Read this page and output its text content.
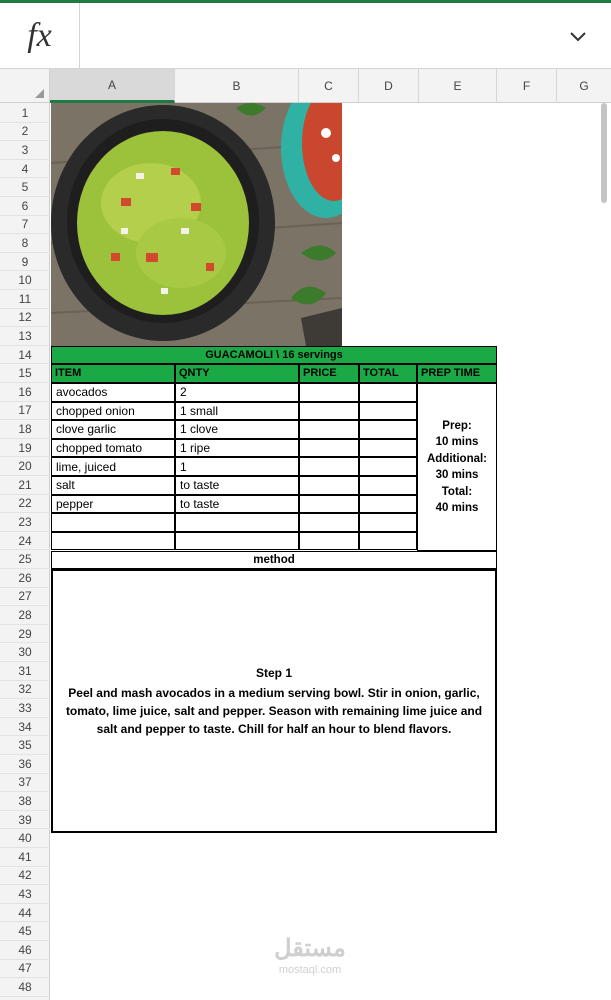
fx
A	B	C	D	E	F	G
1
2
3
4
5
6
7
8
9
10
11
12
13
14
15
16
17
18
19
20
21
22
23
24
25
26
27
28
29
30
31
32
33
34
35
36
37
38
39
40
41
42
43
44
45
46
47
48
GUACAMOLI \ 16 servings
ITEM	QNTY	PRICE	TOTAL	PREP TIME
avocados	2
chopped onion	1 small
clove garlic	1 clove
chopped tomato	1 ripe
lime, juiced	1
salt	to taste
pepper	to taste
Prep:
10 mins
Additional:
30 mins
Total:
40 mins
method
Step 1
Peel and mash avocados in a medium serving bowl. Stir in onion, garlic, tomato, lime juice, salt and pepper. Season with remaining lime juice and salt and pepper to taste. Chill for half an hour to blend flavors.
مستقل
mostaql.com
